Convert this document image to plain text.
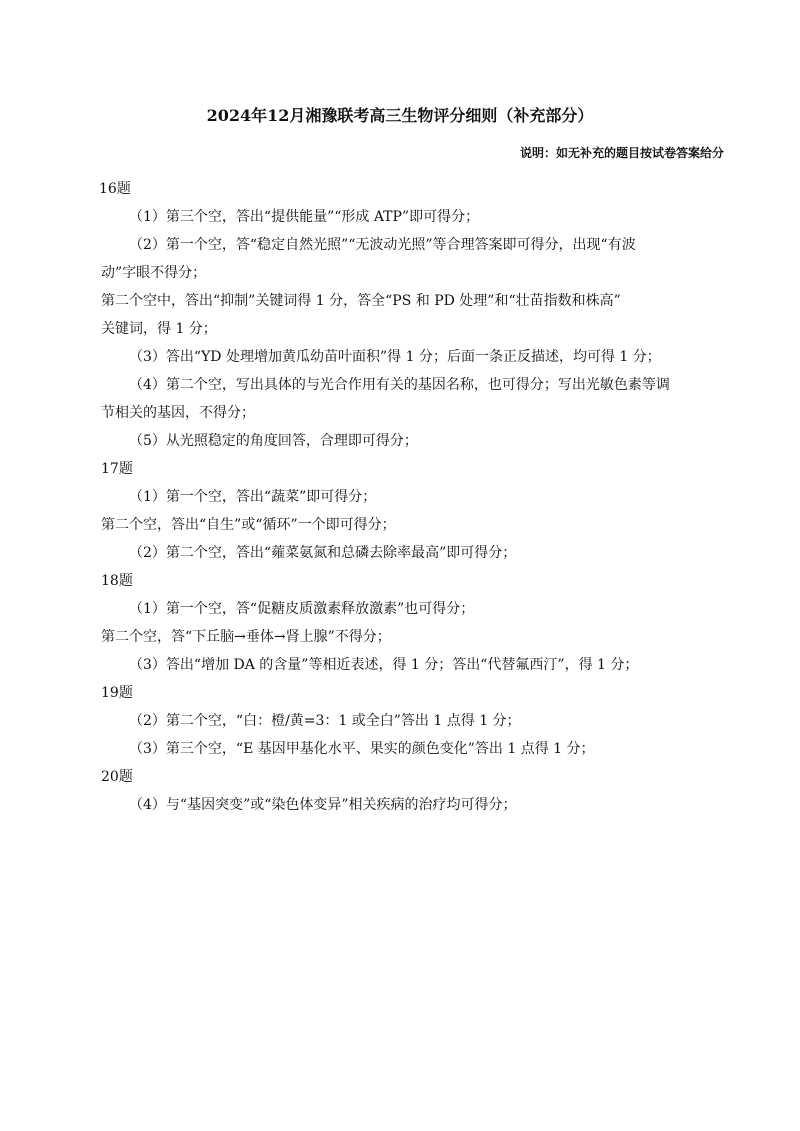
2024年12月湘豫联考高三生物评分细则（补充部分）
说明：如无补充的题目按试卷答案给分

16题

（1）第三个空，答出“提供能量”“形成 ATP”即可得分；

（2）第一个空，答“稳定自然光照”“无波动光照”等合理答案即可得分，出现“有波

动”字眼不得分；

第二个空中，答出“抑制”关键词得 1 分，答全“PS 和 PD 处理”和“壮苗指数和株高”

关键词，得 1 分；

（3）答出“YD 处理增加黄瓜幼苗叶面积”得 1 分；后面一条正反描述，均可得 1 分；

（4）第二个空，写出具体的与光合作用有关的基因名称，也可得分；写出光敏色素等调

节相关的基因，不得分；

（5）从光照稳定的角度回答，合理即可得分；

17题

（1）第一个空，答出“蔬菜”即可得分；

第二个空，答出“自生”或“循环”一个即可得分；

（2）第二个空，答出“蕹菜氨氮和总磷去除率最高”即可得分；

18题

（1）第一个空，答“促糖皮质激素释放激素”也可得分；

第二个空，答“下丘脑→垂体→肾上腺”不得分；

（3）答出“增加 DA 的含量”等相近表述，得 1 分；答出“代替氟西汀”，得 1 分；

19题

（2）第二个空，“白：橙/黄=3：1 或全白”答出 1 点得 1 分；

（3）第三个空，“E 基因甲基化水平、果实的颜色变化”答出 1 点得 1 分；

20题

（4）与“基因突变”或“染色体变异”相关疾病的治疗均可得分；
